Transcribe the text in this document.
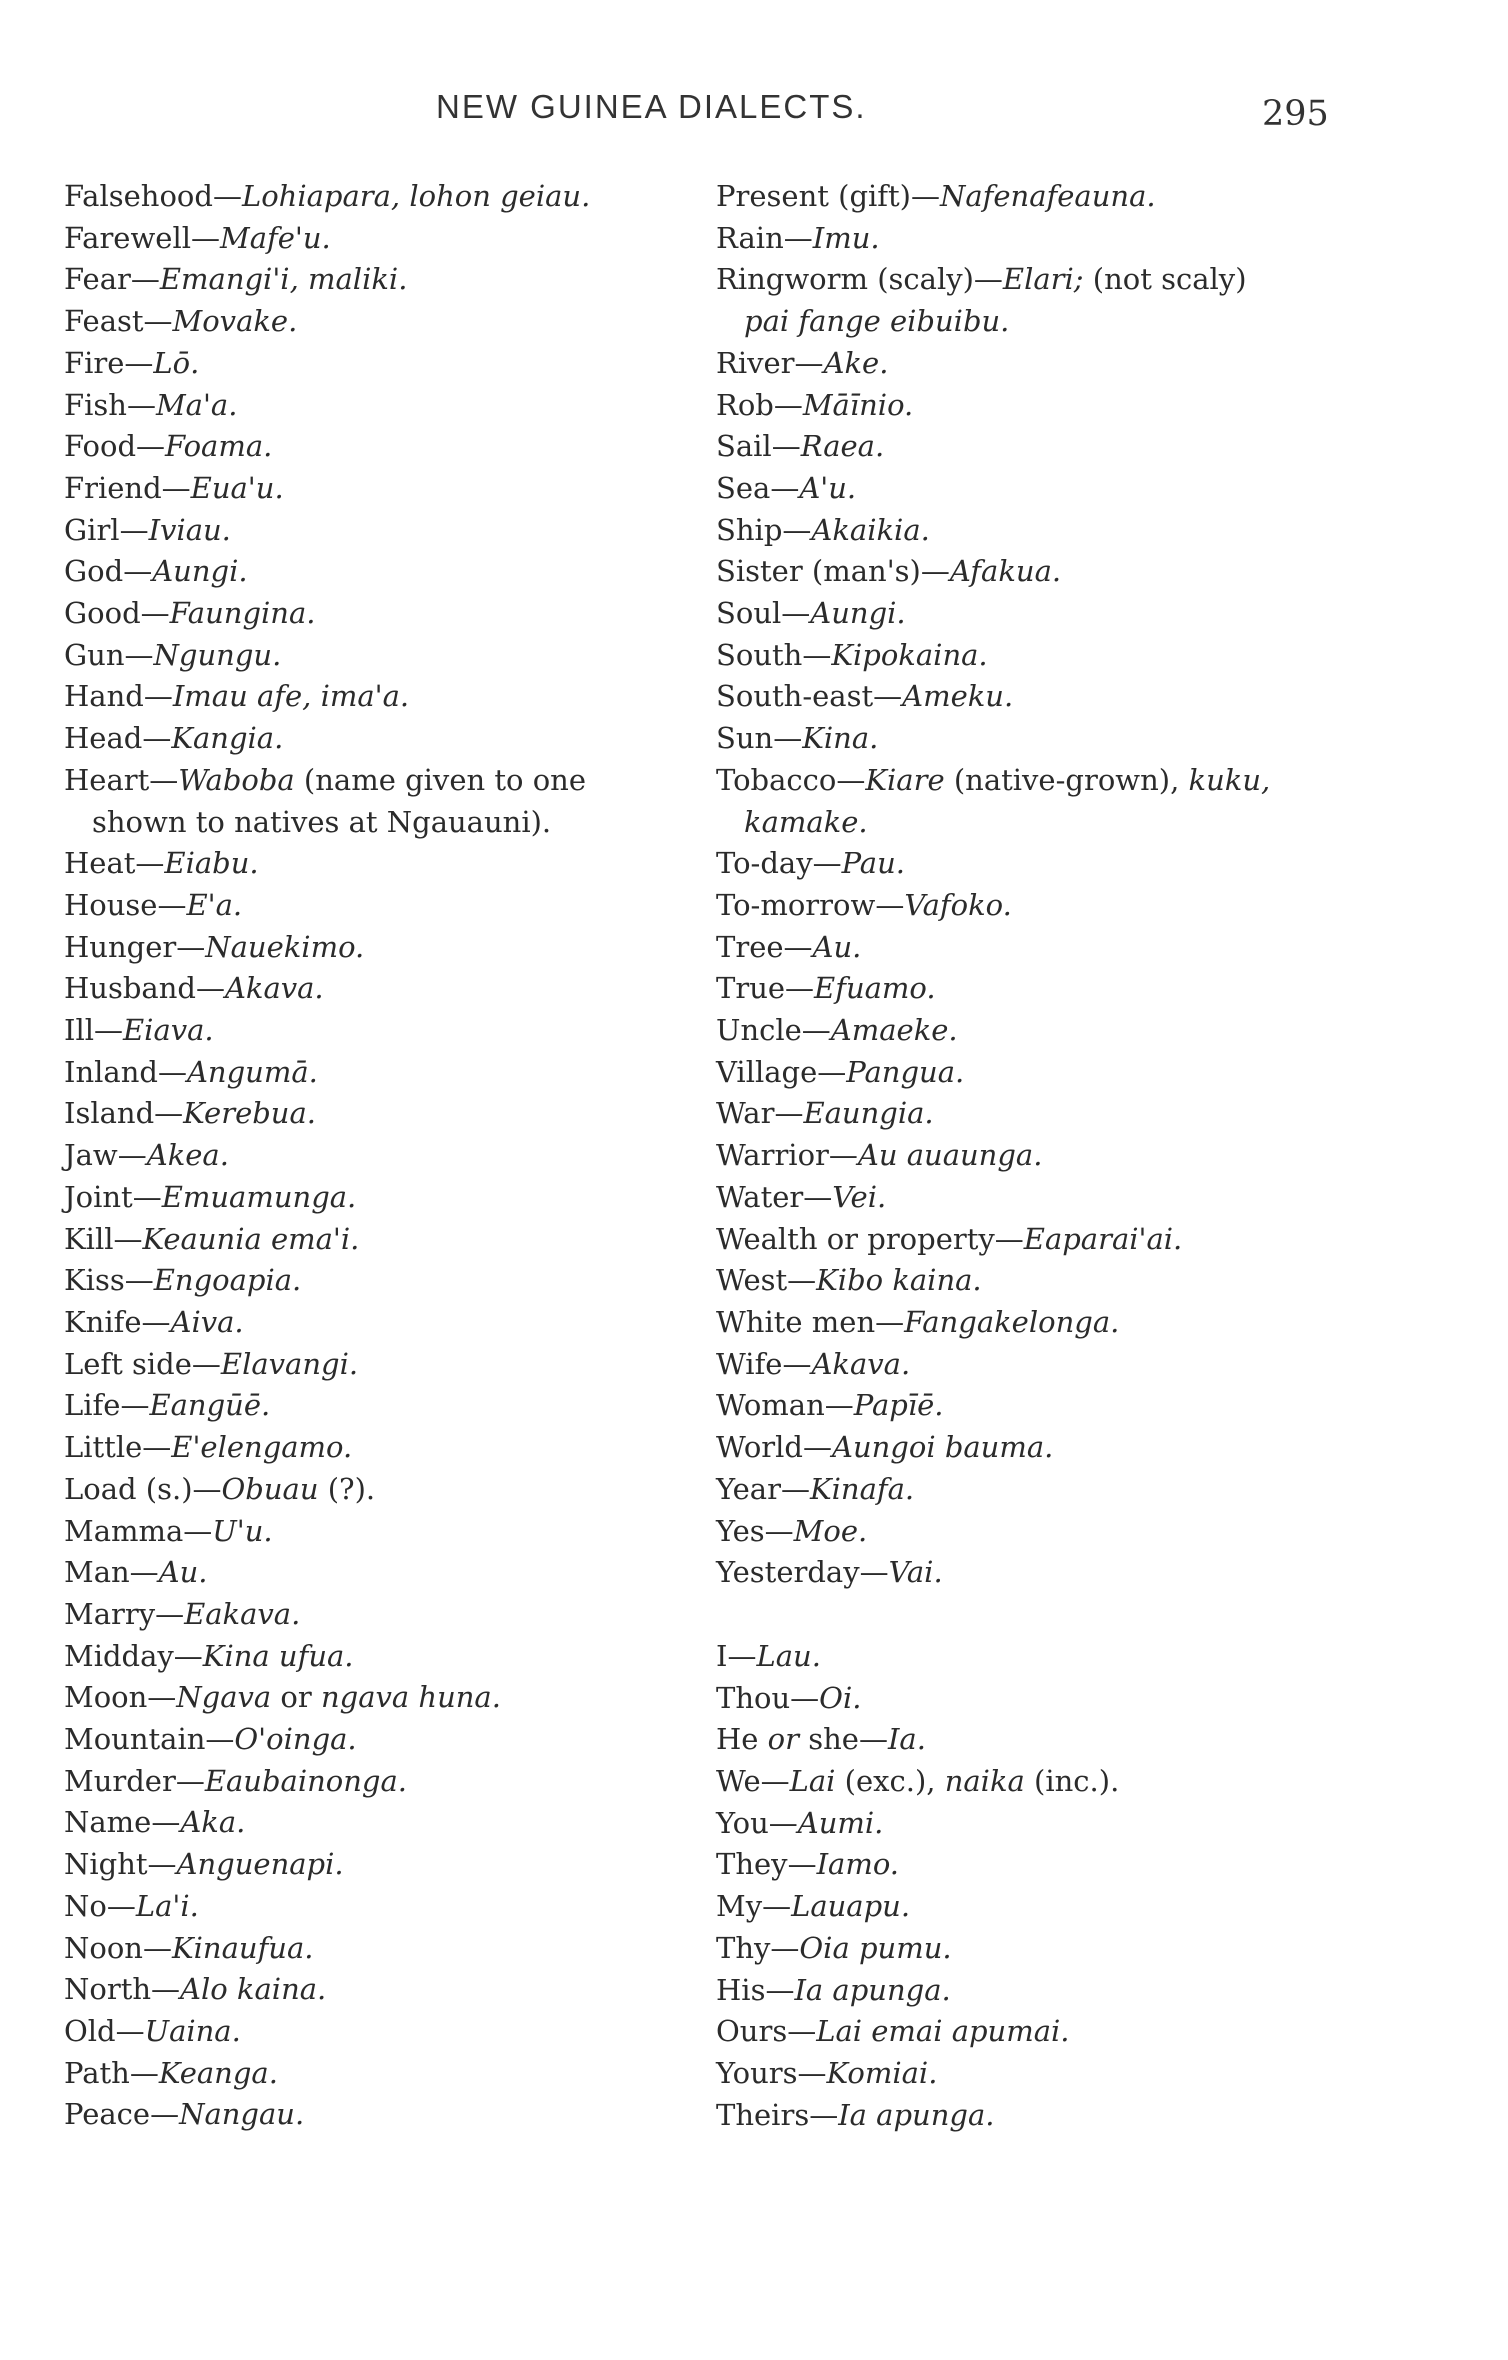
NEW GUINEA DIALECTS.	295
Falsehood—Lohiapara, lohon geiau.
Farewell—Mafe'u.
Fear—Emangi'i, maliki.
Feast—Movake.
Fire—Lō.
Fish—Ma'a.
Food—Foama.
Friend—Eua'u.
Girl—Iviau.
God—Aungi.
Good—Faungina.
Gun—Ngungu.
Hand—Imau afe, ima'a.
Head—Kangia.
Heart—Waboba (name given to one
shown to natives at Ngauauni).
Heat—Eiabu.
House—E'a.
Hunger—Nauekimo.
Husband—Akava.
Ill—Eiava.
Inland—Angumā.
Island—Kerebua.
Jaw—Akea.
Joint—Emuamunga.
Kill—Keaunia ema'i.
Kiss—Engoapia.
Knife—Aiva.
Left side—Elavangi.
Life—Eangūē.
Little—E'elengamo.
Load (s.)—Obuau (?).
Mamma—U'u.
Man—Au.
Marry—Eakava.
Midday—Kina ufua.
Moon—Ngava or ngava huna.
Mountain—O'oinga.
Murder—Eaubainonga.
Name—Aka.
Night—Anguenapi.
No—La'i.
Noon—Kinaufua.
North—Alo kaina.
Old—Uaina.
Path—Keanga.
Peace—Nangau.
Present (gift)—Nafenafeauna.
Rain—Imu.
Ringworm (scaly)—Elari; (not scaly)
pai fange eibuibu.
River—Ake.
Rob—Māīnio.
Sail—Raea.
Sea—A'u.
Ship—Akaikia.
Sister (man's)—Afakua.
Soul—Aungi.
South—Kipokaina.
South-east—Ameku.
Sun—Kina.
Tobacco—Kiare (native-grown), kuku,
kamake.
To-day—Pau.
To-morrow—Vafoko.
Tree—Au.
True—Efuamo.
Uncle—Amaeke.
Village—Pangua.
War—Eaungia.
Warrior—Au auaunga.
Water—Vei.
Wealth or property—Eaparai'ai.
West—Kibo kaina.
White men—Fangakelonga.
Wife—Akava.
Woman—Papīē.
World—Aungoi bauma.
Year—Kinafa.
Yes—Moe.
Yesterday—Vai.
I—Lau.
Thou—Oi.
He or she—Ia.
We—Lai (exc.), naika (inc.).
You—Aumi.
They—Iamo.
My—Lauapu.
Thy—Oia pumu.
His—Ia apunga.
Ours—Lai emai apumai.
Yours—Komiai.
Theirs—Ia apunga.
